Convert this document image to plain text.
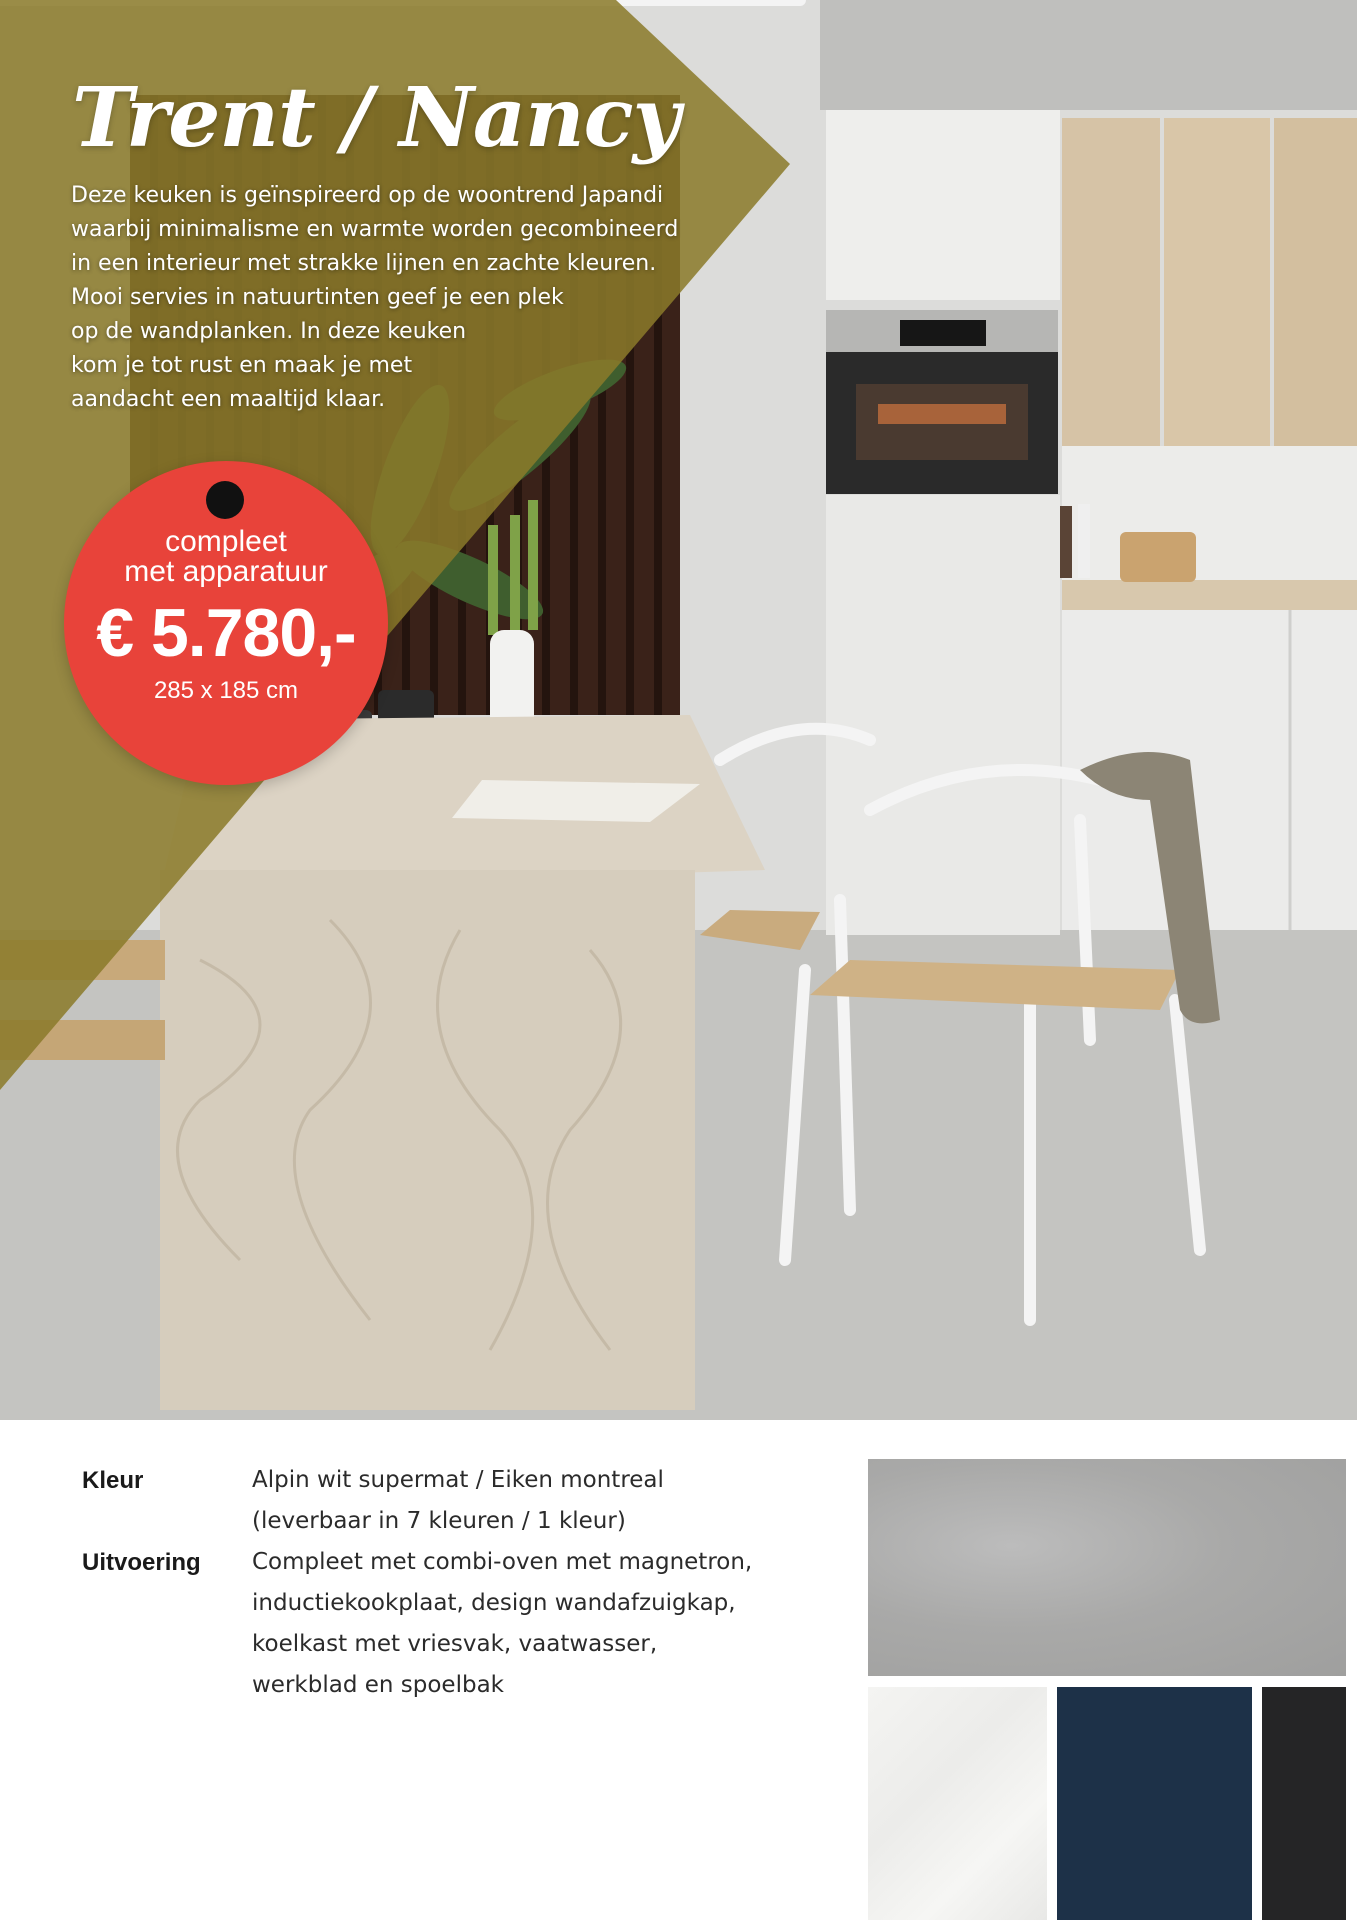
Trent / Nancy

Deze keuken is geïnspireerd op de woontrend Japandi
waarbij minimalisme en warmte worden gecombineerd
in een interieur met strakke lijnen en zachte kleuren.
Mooi servies in natuurtinten geef je een plek
op de wandplanken. In deze keuken
kom je tot rust en maak je met
aandacht een maaltijd klaar.

compleet
met apparatuur
€ 5.780,-
285 x 185 cm
Kleur	Alpin wit supermat / Eiken montreal
(leverbaar in 7 kleuren / 1 kleur)
Uitvoering Compleet met combi-oven met magnetron,
inductiekookplaat, design wandafzuigkap,
koelkast met vriesvak, vaatwasser,
werkblad en spoelbak
